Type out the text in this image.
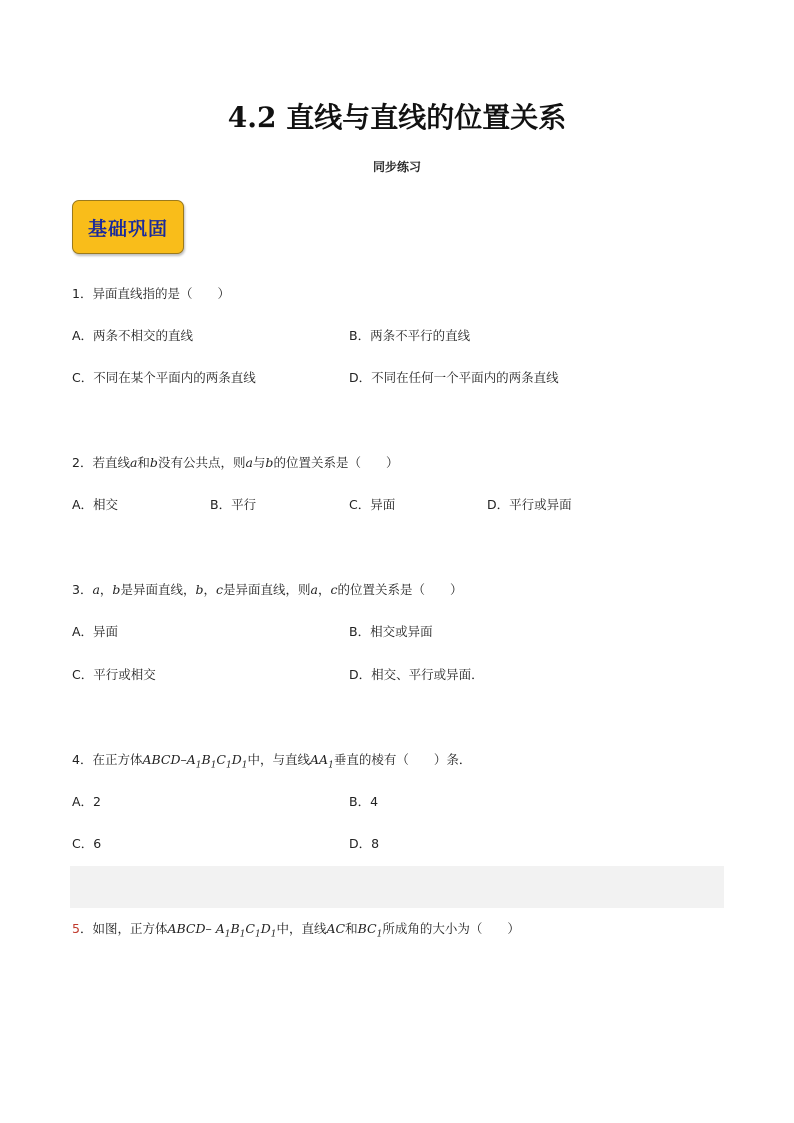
4.2 直线与直线的位置关系
同步练习
基础巩固
1．异面直线指的是（　　）
A．两条不相交的直线	B．两条不平行的直线
C．不同在某个平面内的两条直线	D．不同在任何一个平面内的两条直线
2．若直线a和b没有公共点，则a与b的位置关系是（　　）
A．相交	B．平行	C．异面	D．平行或异面
3．a，b是异面直线，b，c是异面直线，则a，c的位置关系是（　　）
A．异面	B．相交或异面
C．平行或相交	D．相交、平行或异面．
4．在正方体ABCD–$A_1B_1C_1D_1$中，与直线$AA_1$垂直的棱有（　　）条．
A．2	B．4
C．6	D．8
5．如图，正方体ABCD– $A_1B_1C_1D_1$中，直线AC和$BC_1$所成角的大小为（　　）
